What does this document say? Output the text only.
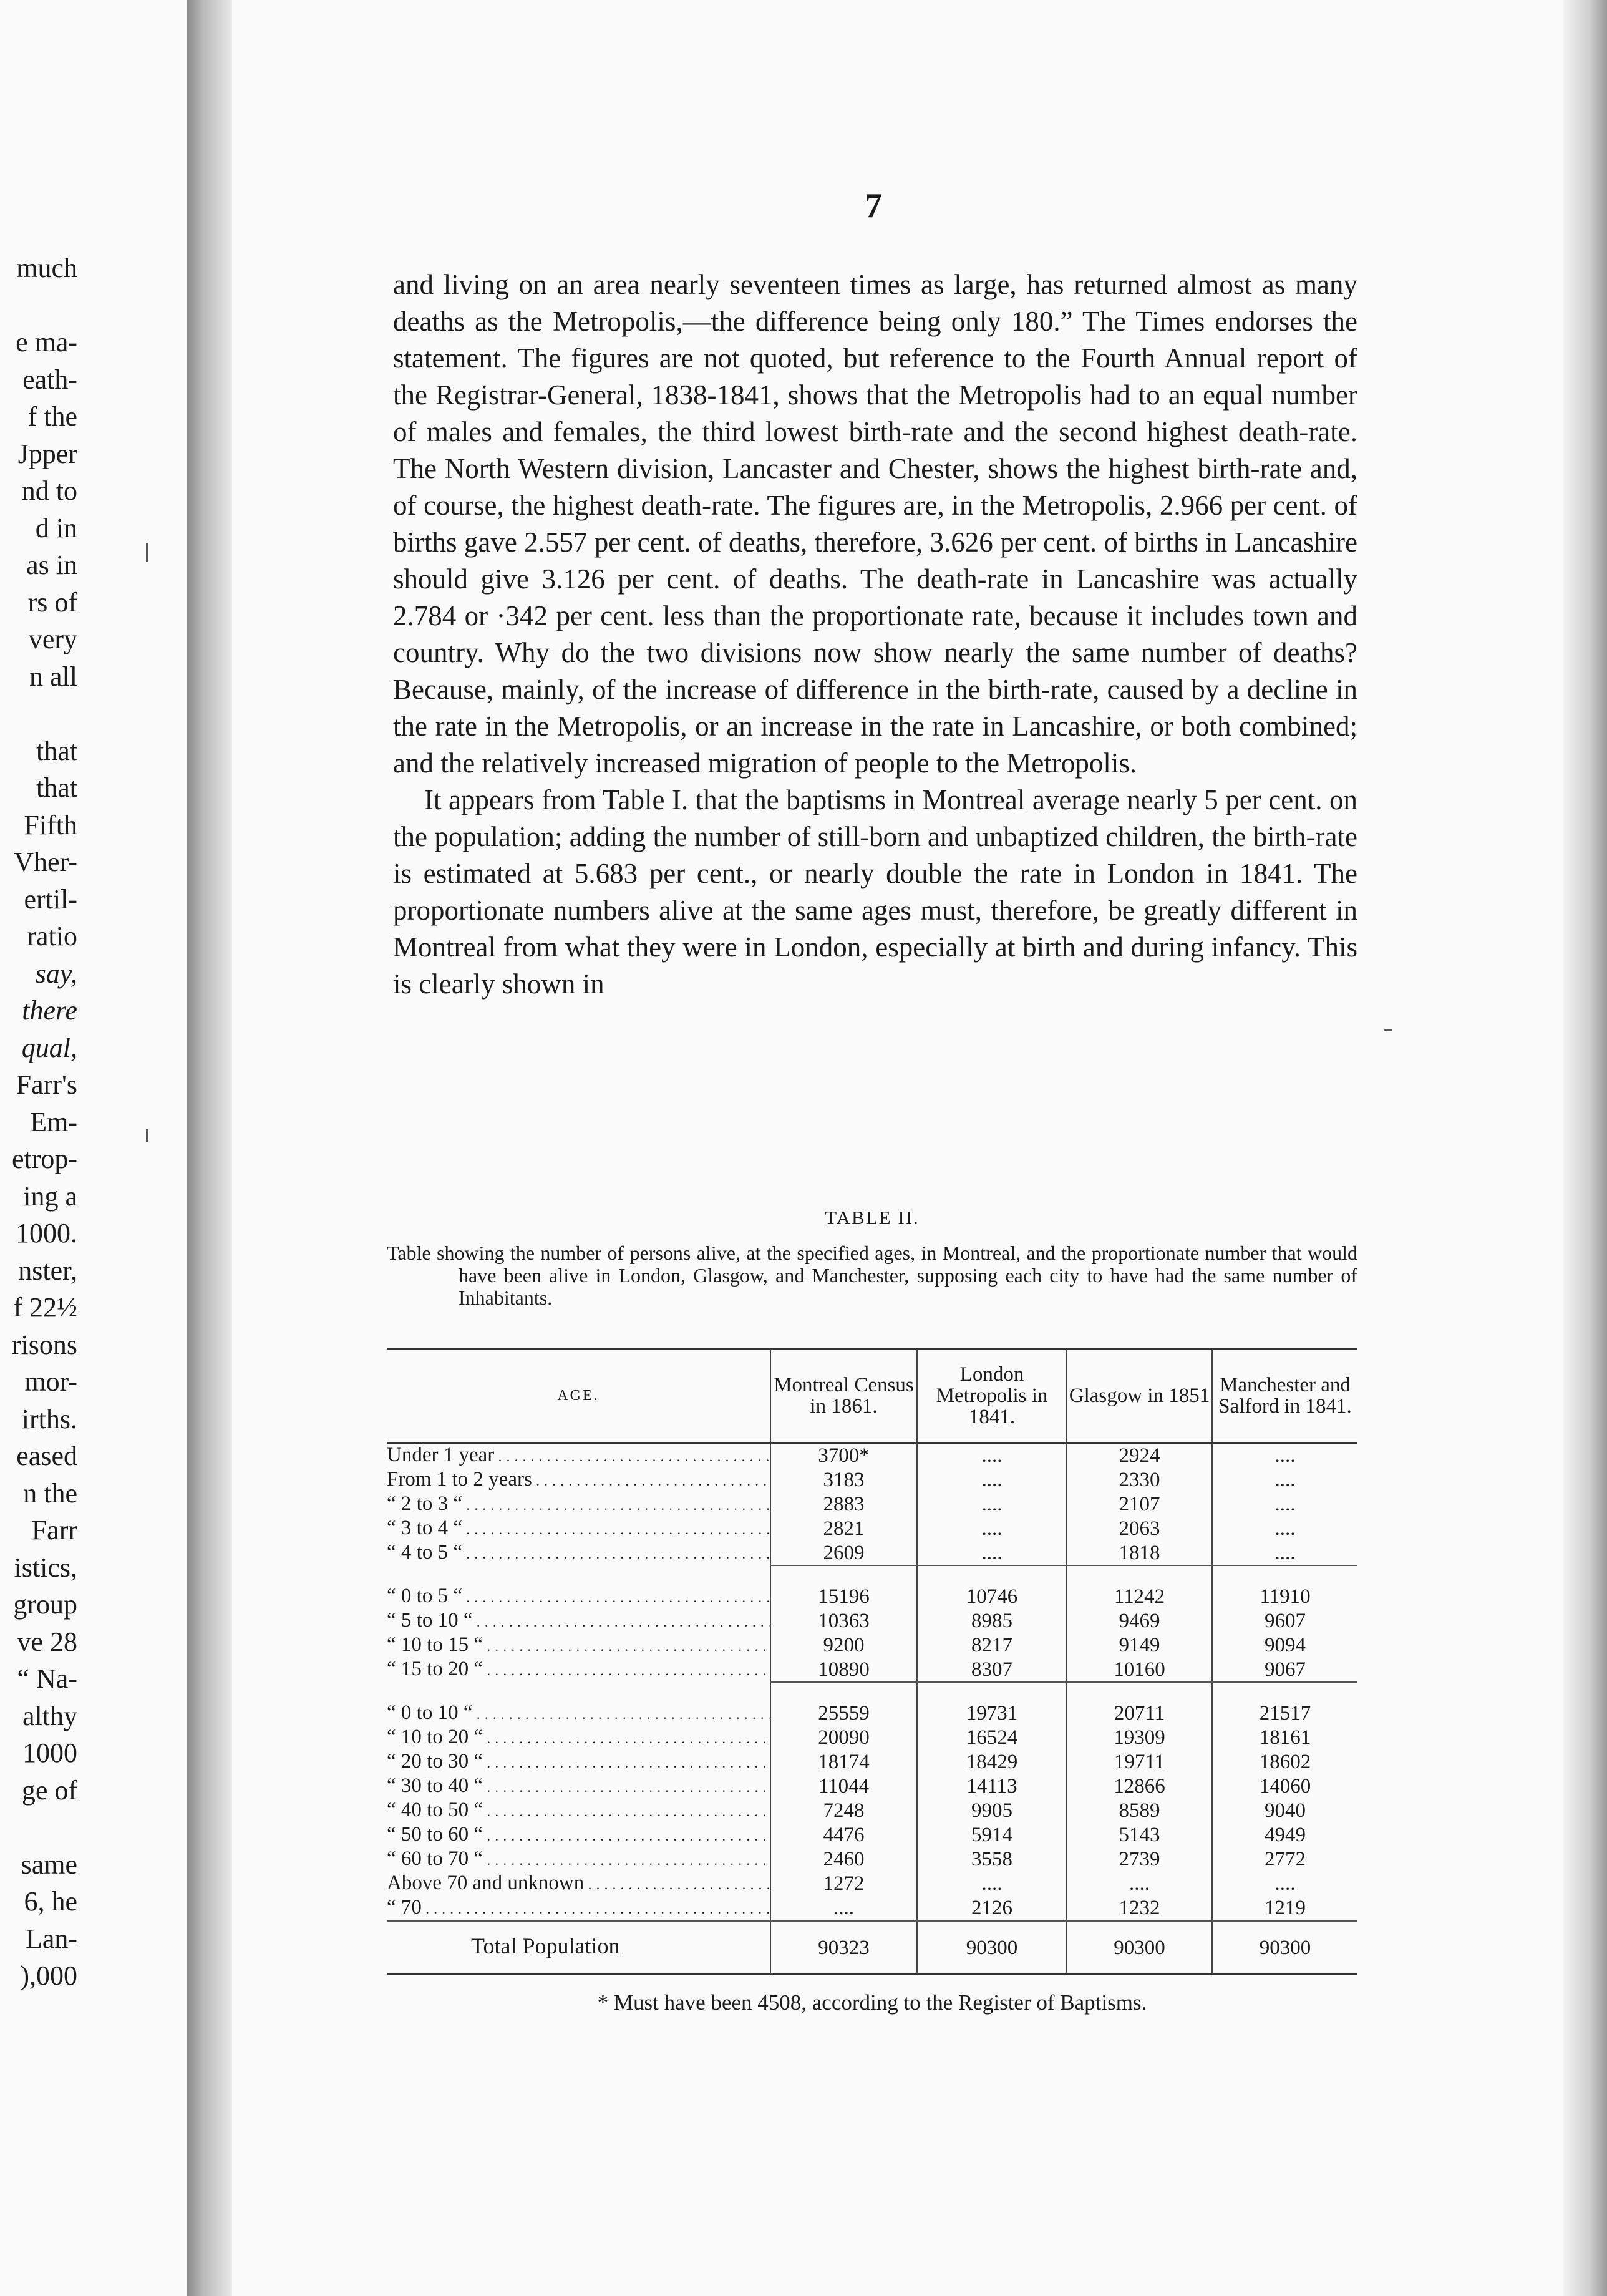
much

e ma-
eath-
f the
Jpper
nd to
d in
as in
rs of
very
n all

that
that
Fifth
Vher-
ertil-
ratio
say,
there
qual,
Farr's
Em-
etrop-
ing a
1000.
nster,
f 22½
risons
mor-
irths.
eased
n the
Farr
istics,
group
ve 28
“ Na-
althy
1000
ge of

same
6, he
Lan-
),000
7

and living on an area nearly seventeen times as large, has returned almost as many deaths as the Metropolis,—the difference being only 180.” The Times endorses the statement. The figures are not quoted, but reference to the Fourth Annual report of the Registrar-General, 1838-1841, shows that the Metropolis had to an equal number of males and females, the third lowest birth-rate and the second highest death-rate. The North Western division, Lancaster and Chester, shows the highest birth-rate and, of course, the highest death-rate. The figures are, in the Metropolis, 2.966 per cent. of births gave 2.557 per cent. of deaths, therefore, 3.626 per cent. of births in Lancashire should give 3.126 per cent. of deaths. The death-rate in Lancashire was actually 2.784 or ·342 per cent. less than the proportionate rate, because it includes town and country. Why do the two divisions now show nearly the same number of deaths? Because, mainly, of the increase of difference in the birth-rate, caused by a decline in the rate in the Metropolis, or an increase in the rate in Lancashire, or both combined; and the relatively increased migration of people to the Metropolis.

It appears from Table I. that the baptisms in Montreal average nearly 5 per cent. on the population; adding the number of still-born and unbaptized children, the birth-rate is estimated at 5.683 per cent., or nearly double the rate in London in 1841. The proportionate numbers alive at the same ages must, therefore, be greatly different in Montreal from what they were in London, especially at birth and during infancy. This is clearly shown in

TABLE II.
Table showing the number of persons alive, at the specified ages, in Montreal, and the proportionate number that would have been alive in London, Glasgow, and Manchester, supposing each city to have had the same number of Inhabitants.
AGE.	Montreal Census in 1861.	London Metropolis in 1841.	Glasgow in 1851	Manchester and Salford in 1841.
Under 1 year . . .	3700*	....	2924	....
From 1 to 2 years . . .	3183	....	2330	....
“ 2 to 3 “ . . .	2883	....	2107	....
“ 3 to 4 “ . . .	2821	....	2063	....
“ 4 to 5 “ . . .	2609	....	1818	....

“ 0 to 5 “ . . .	15196	10746	11242	11910
“ 5 to 10 “ . . .	10363	8985	9469	9607
“ 10 to 15 “ . . .	9200	8217	9149	9094
“ 15 to 20 “ . . .	10890	8307	10160	9067

“ 0 to 10 “ . . .	25559	19731	20711	21517
“ 10 to 20 “ . . .	20090	16524	19309	18161
“ 20 to 30 “ . . .	18174	18429	19711	18602
“ 30 to 40 “ . . .	11044	14113	12866	14060
“ 40 to 50 “ . . .	7248	9905	8589	9040
“ 50 to 60 “ . . .	4476	5914	5143	4949
“ 60 to 70 “ . . .	2460	3558	2739	2772
Above 70 and unknown . . .	1272	....	....	....
“ 70 . . .	....	2126	1232	1219
Total Population	90323	90300	90300	90300
* Must have been 4508, according to the Register of Baptisms.
